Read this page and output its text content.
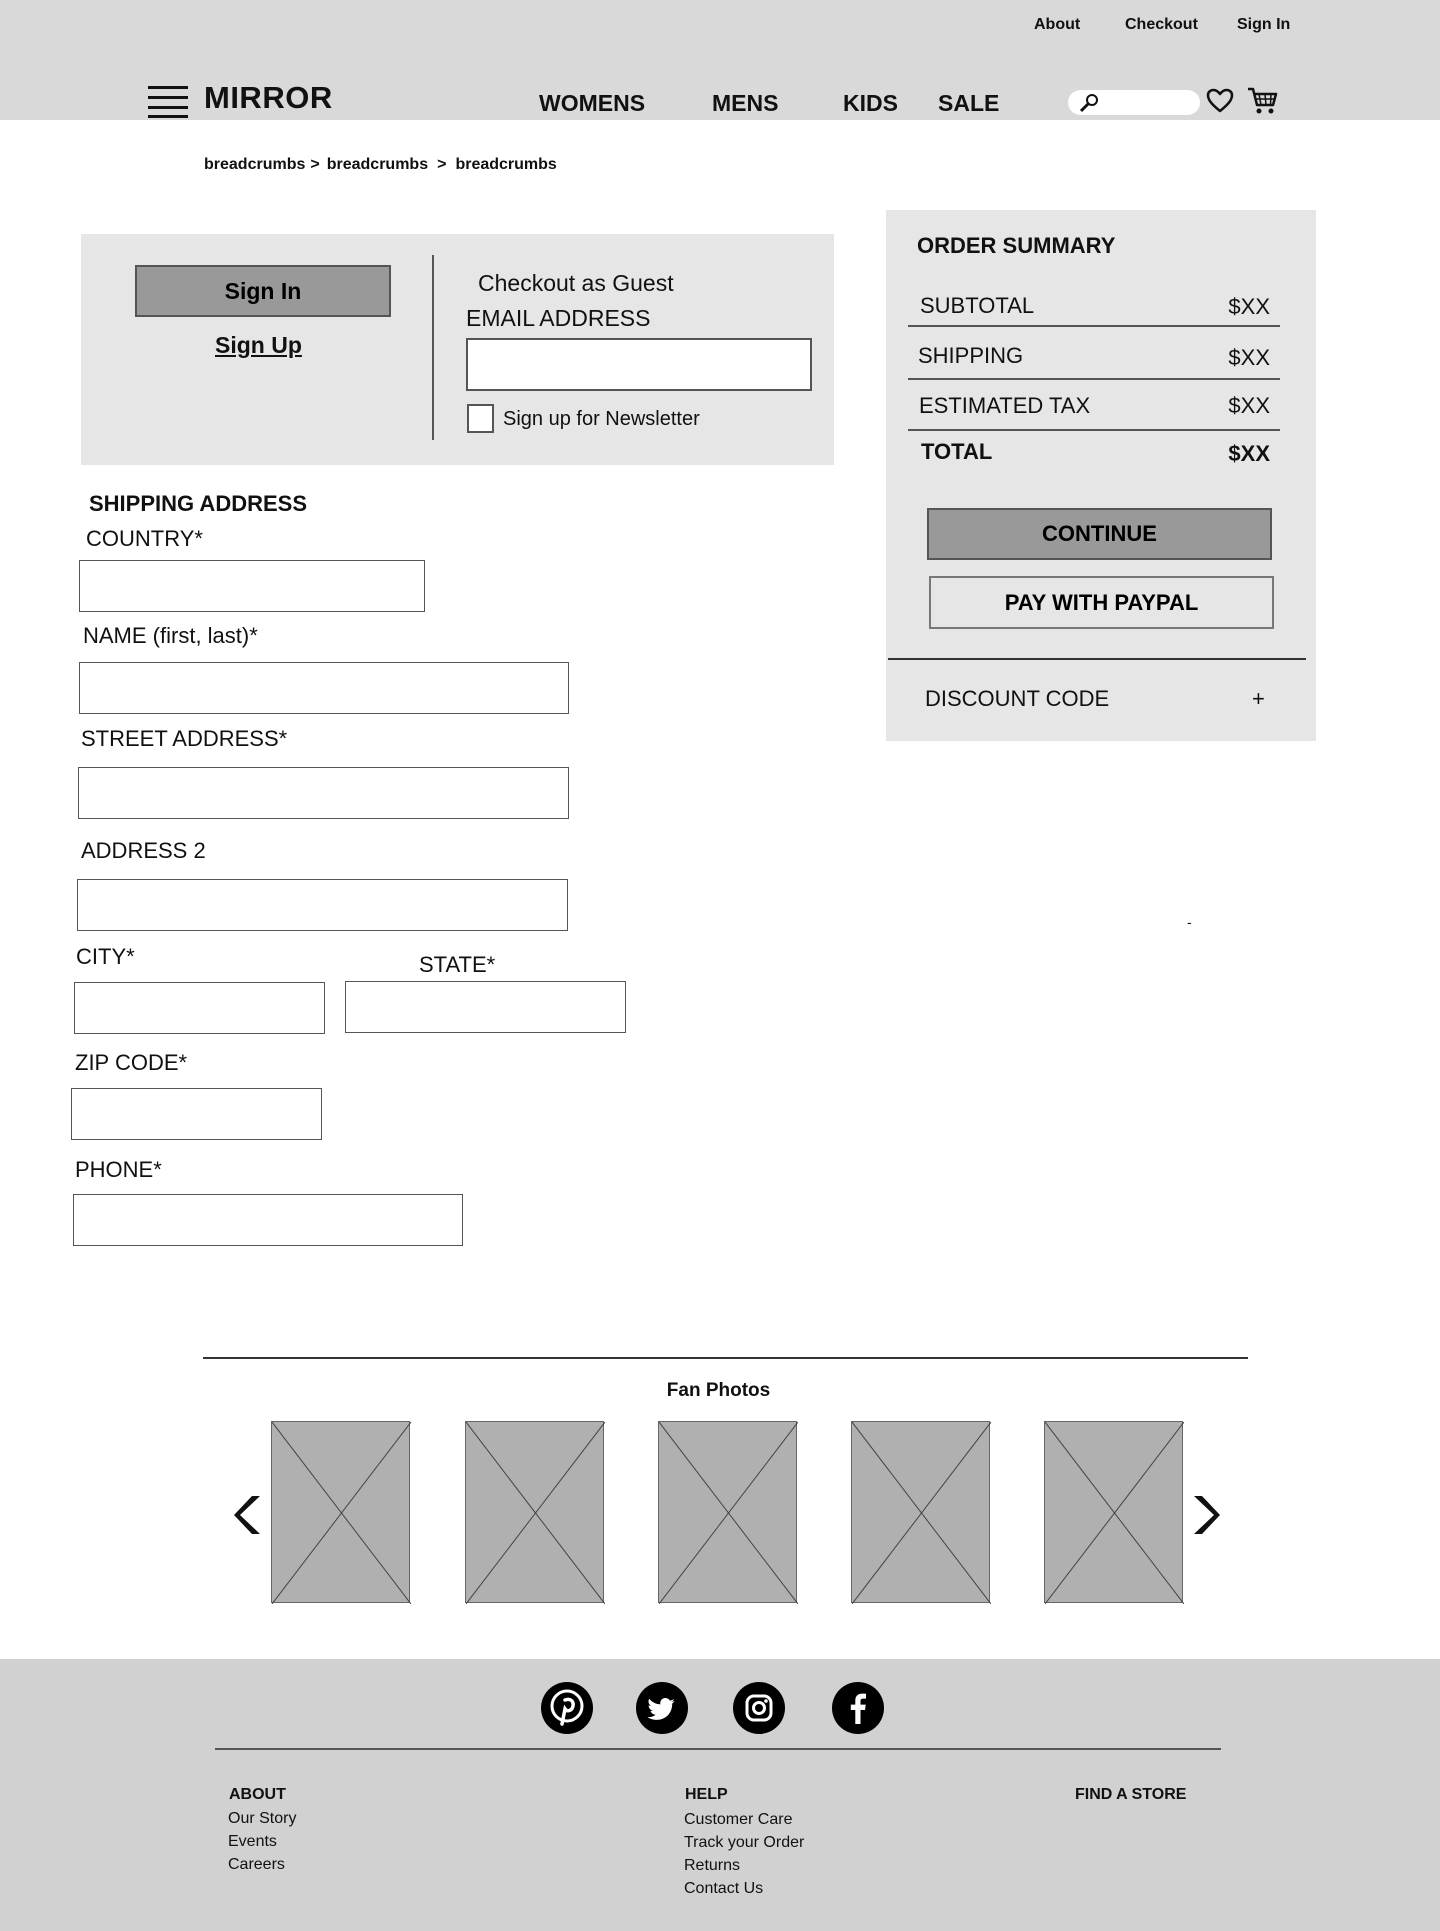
About	Checkout Sign In
MIRROR	WOMENS	MENS	KIDS SALE
breadcrumbs > breadcrumbs > breadcrumbs
Sign In
Sign Up
Checkout as Guest
EMAIL ADDRESS
Sign up for Newsletter
SHIPPING ADDRESS
COUNTRY*
NAME (first, last)*
STREET ADDRESS*
ADDRESS 2
CITY*	STATE*
ZIP CODE*
PHONE*
ORDER SUMMARY
SUBTOTAL	$XX
SHIPPING	$XX
ESTIMATED TAX	$XX
TOTAL	$XX
CONTINUE
PAY WITH PAYPAL
DISCOUNT CODE	+
-
Fan Photos
ABOUT
Our Story
Events
Careers
HELP
Customer Care
Track your Order
Returns
Contact Us
FIND A STORE
